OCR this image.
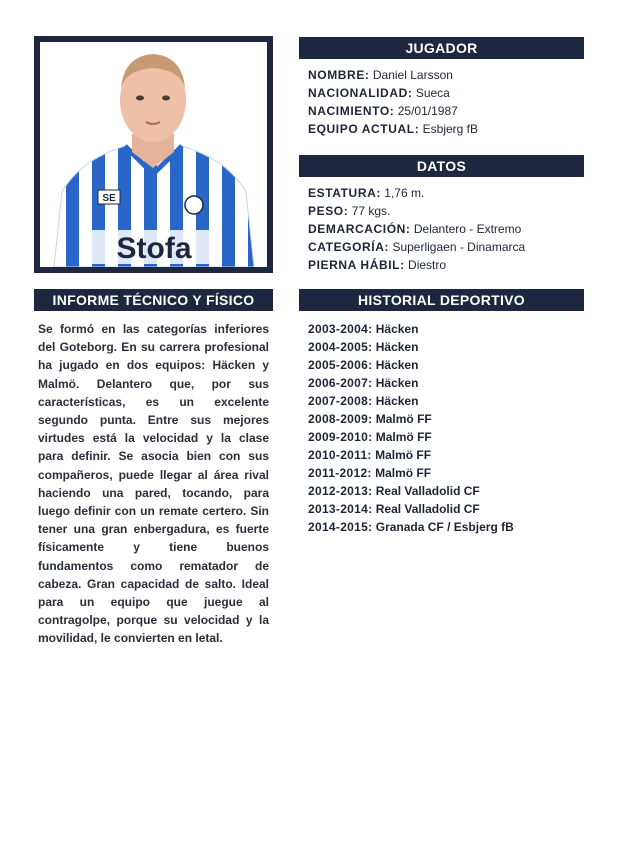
SE
Stofa
JUGADOR
NOMBRE: Daniel Larsson
NACIONALIDAD: Sueca
NACIMIENTO: 25/01/1987
EQUIPO ACTUAL: Esbjerg fB
DATOS
ESTATURA: 1,76 m.
PESO: 77 kgs.
DEMARCACIÓN: Delantero - Extremo
CATEGORÍA: Superligaen - Dinamarca
PIERNA HÁBIL: Diestro
INFORME TÉCNICO Y FÍSICO

Se formó en las categorías inferiores del Goteborg. En su carrera profesional ha jugado en dos equipos: Häcken y Malmö. Delantero que, por sus características, es un excelente segundo punta. Entre sus mejores virtudes está la velocidad y la clase para definir. Se asocia bien con sus compañeros, puede llegar al área rival haciendo una pared, tocando, para luego definir con un remate certero. Sin tener una gran enbergadura, es fuerte físicamente y tiene buenos fundamentos como rematador de cabeza. Gran capacidad de salto. Ideal para un equipo que juegue al contragolpe, porque su velocidad y la movilidad, le convierten en letal.

HISTORIAL DEPORTIVO
2003-2004: Häcken
2004-2005: Häcken
2005-2006: Häcken
2006-2007: Häcken
2007-2008: Häcken
2008-2009: Malmö FF
2009-2010: Malmö FF
2010-2011: Malmö FF
2011-2012: Malmö FF
2012-2013: Real Valladolid CF
2013-2014: Real Valladolid CF
2014-2015: Granada CF / Esbjerg fB
